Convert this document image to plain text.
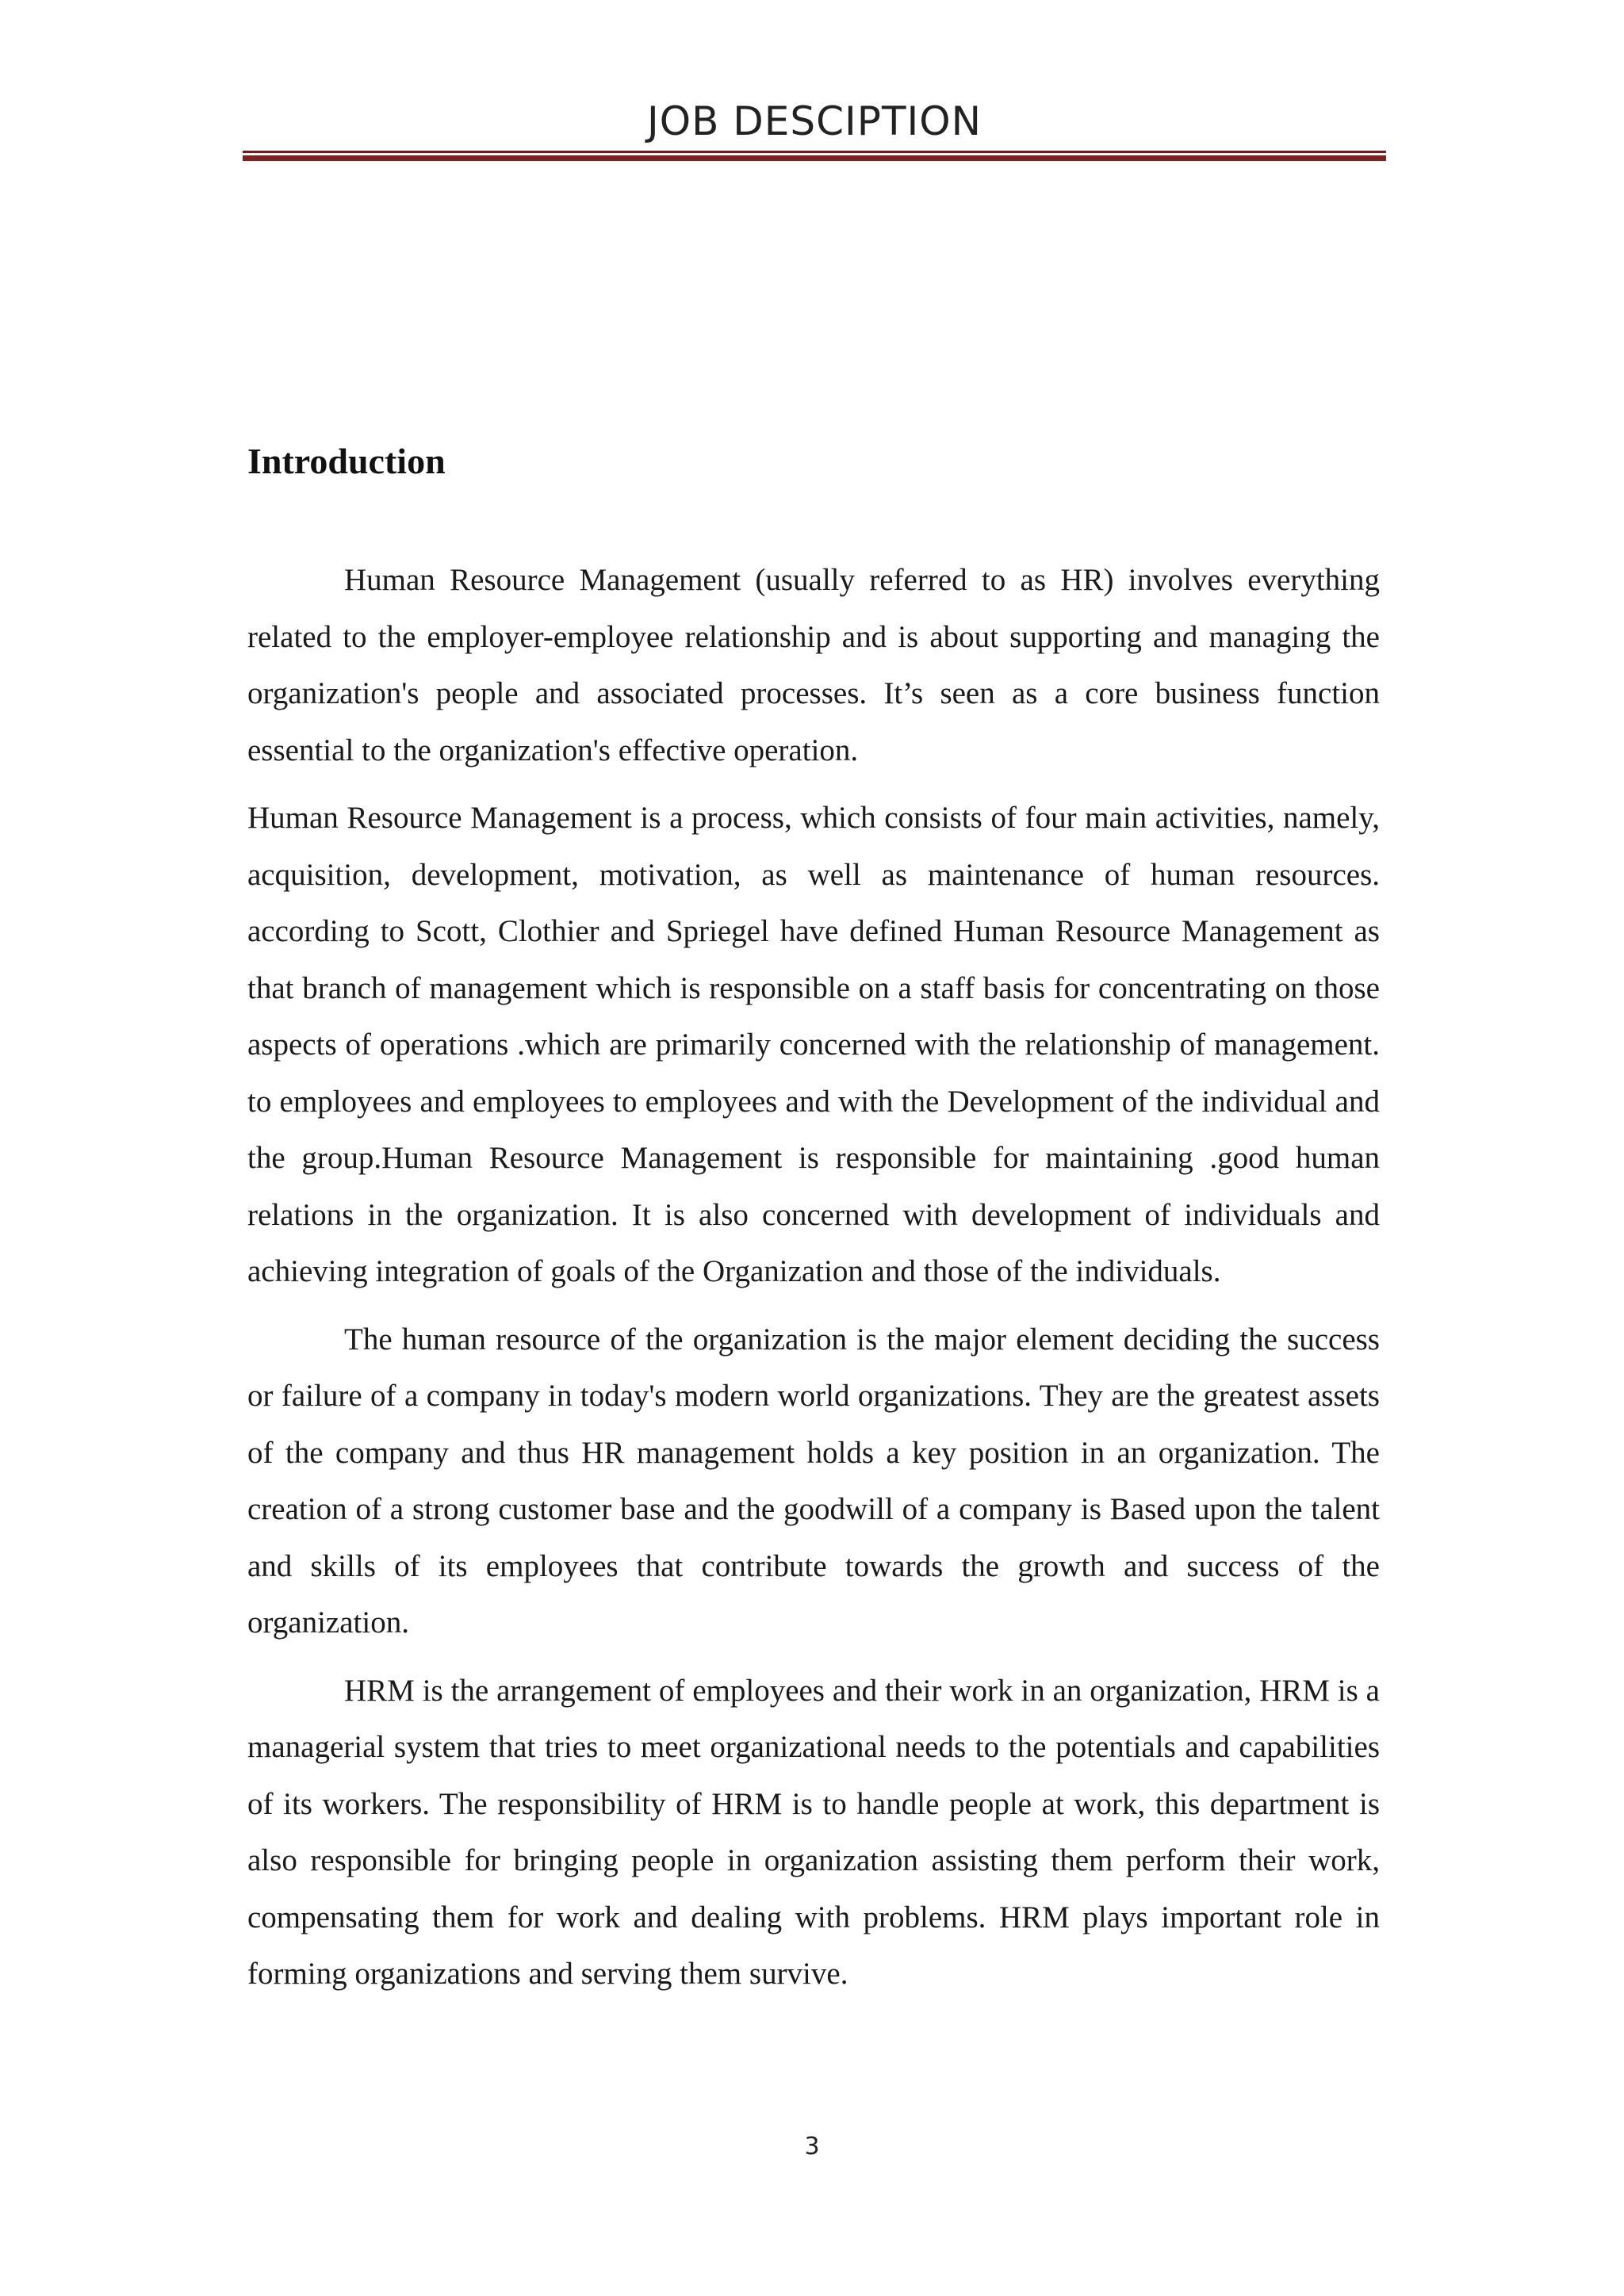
JOB DESCIPTION
Introduction

Human Resource Management (usually referred to as HR) involves everything related to the employer-employee relationship and is about supporting and managing the organization's people and associated processes. It’s seen as a core business function essential to the organization's effective operation.

Human Resource Management is a process, which consists of four main activities, namely, acquisition, development, motivation, as well as maintenance of human resources. according to Scott, Clothier and Spriegel have defined Human Resource Management as that branch of management which is responsible on a staff basis for concentrating on those aspects of operations .which are primarily concerned with the relationship of management. to employees and employees to employees and with the Development of the individual and the group.Human Resource Management is responsible for maintaining .good human relations in the organization. It is also concerned with development of individuals and achieving integration of goals of the Organization and those of the individuals.

The human resource of the organization is the major element deciding the success or failure of a company in today's modern world organizations. They are the greatest assets of the company and thus HR management holds a key position in an organization. The creation of a strong customer base and the goodwill of a company is Based upon the talent and skills of its employees that contribute towards the growth and success of the organization.

HRM is the arrangement of employees and their work in an organization, HRM is a managerial system that tries to meet organizational needs to the potentials and capabilities of its workers. The responsibility of HRM is to handle people at work, this department is also responsible for bringing people in organization assisting them perform their work, compensating them for work and dealing with problems. HRM plays important role in forming organizations and serving them survive.

3
